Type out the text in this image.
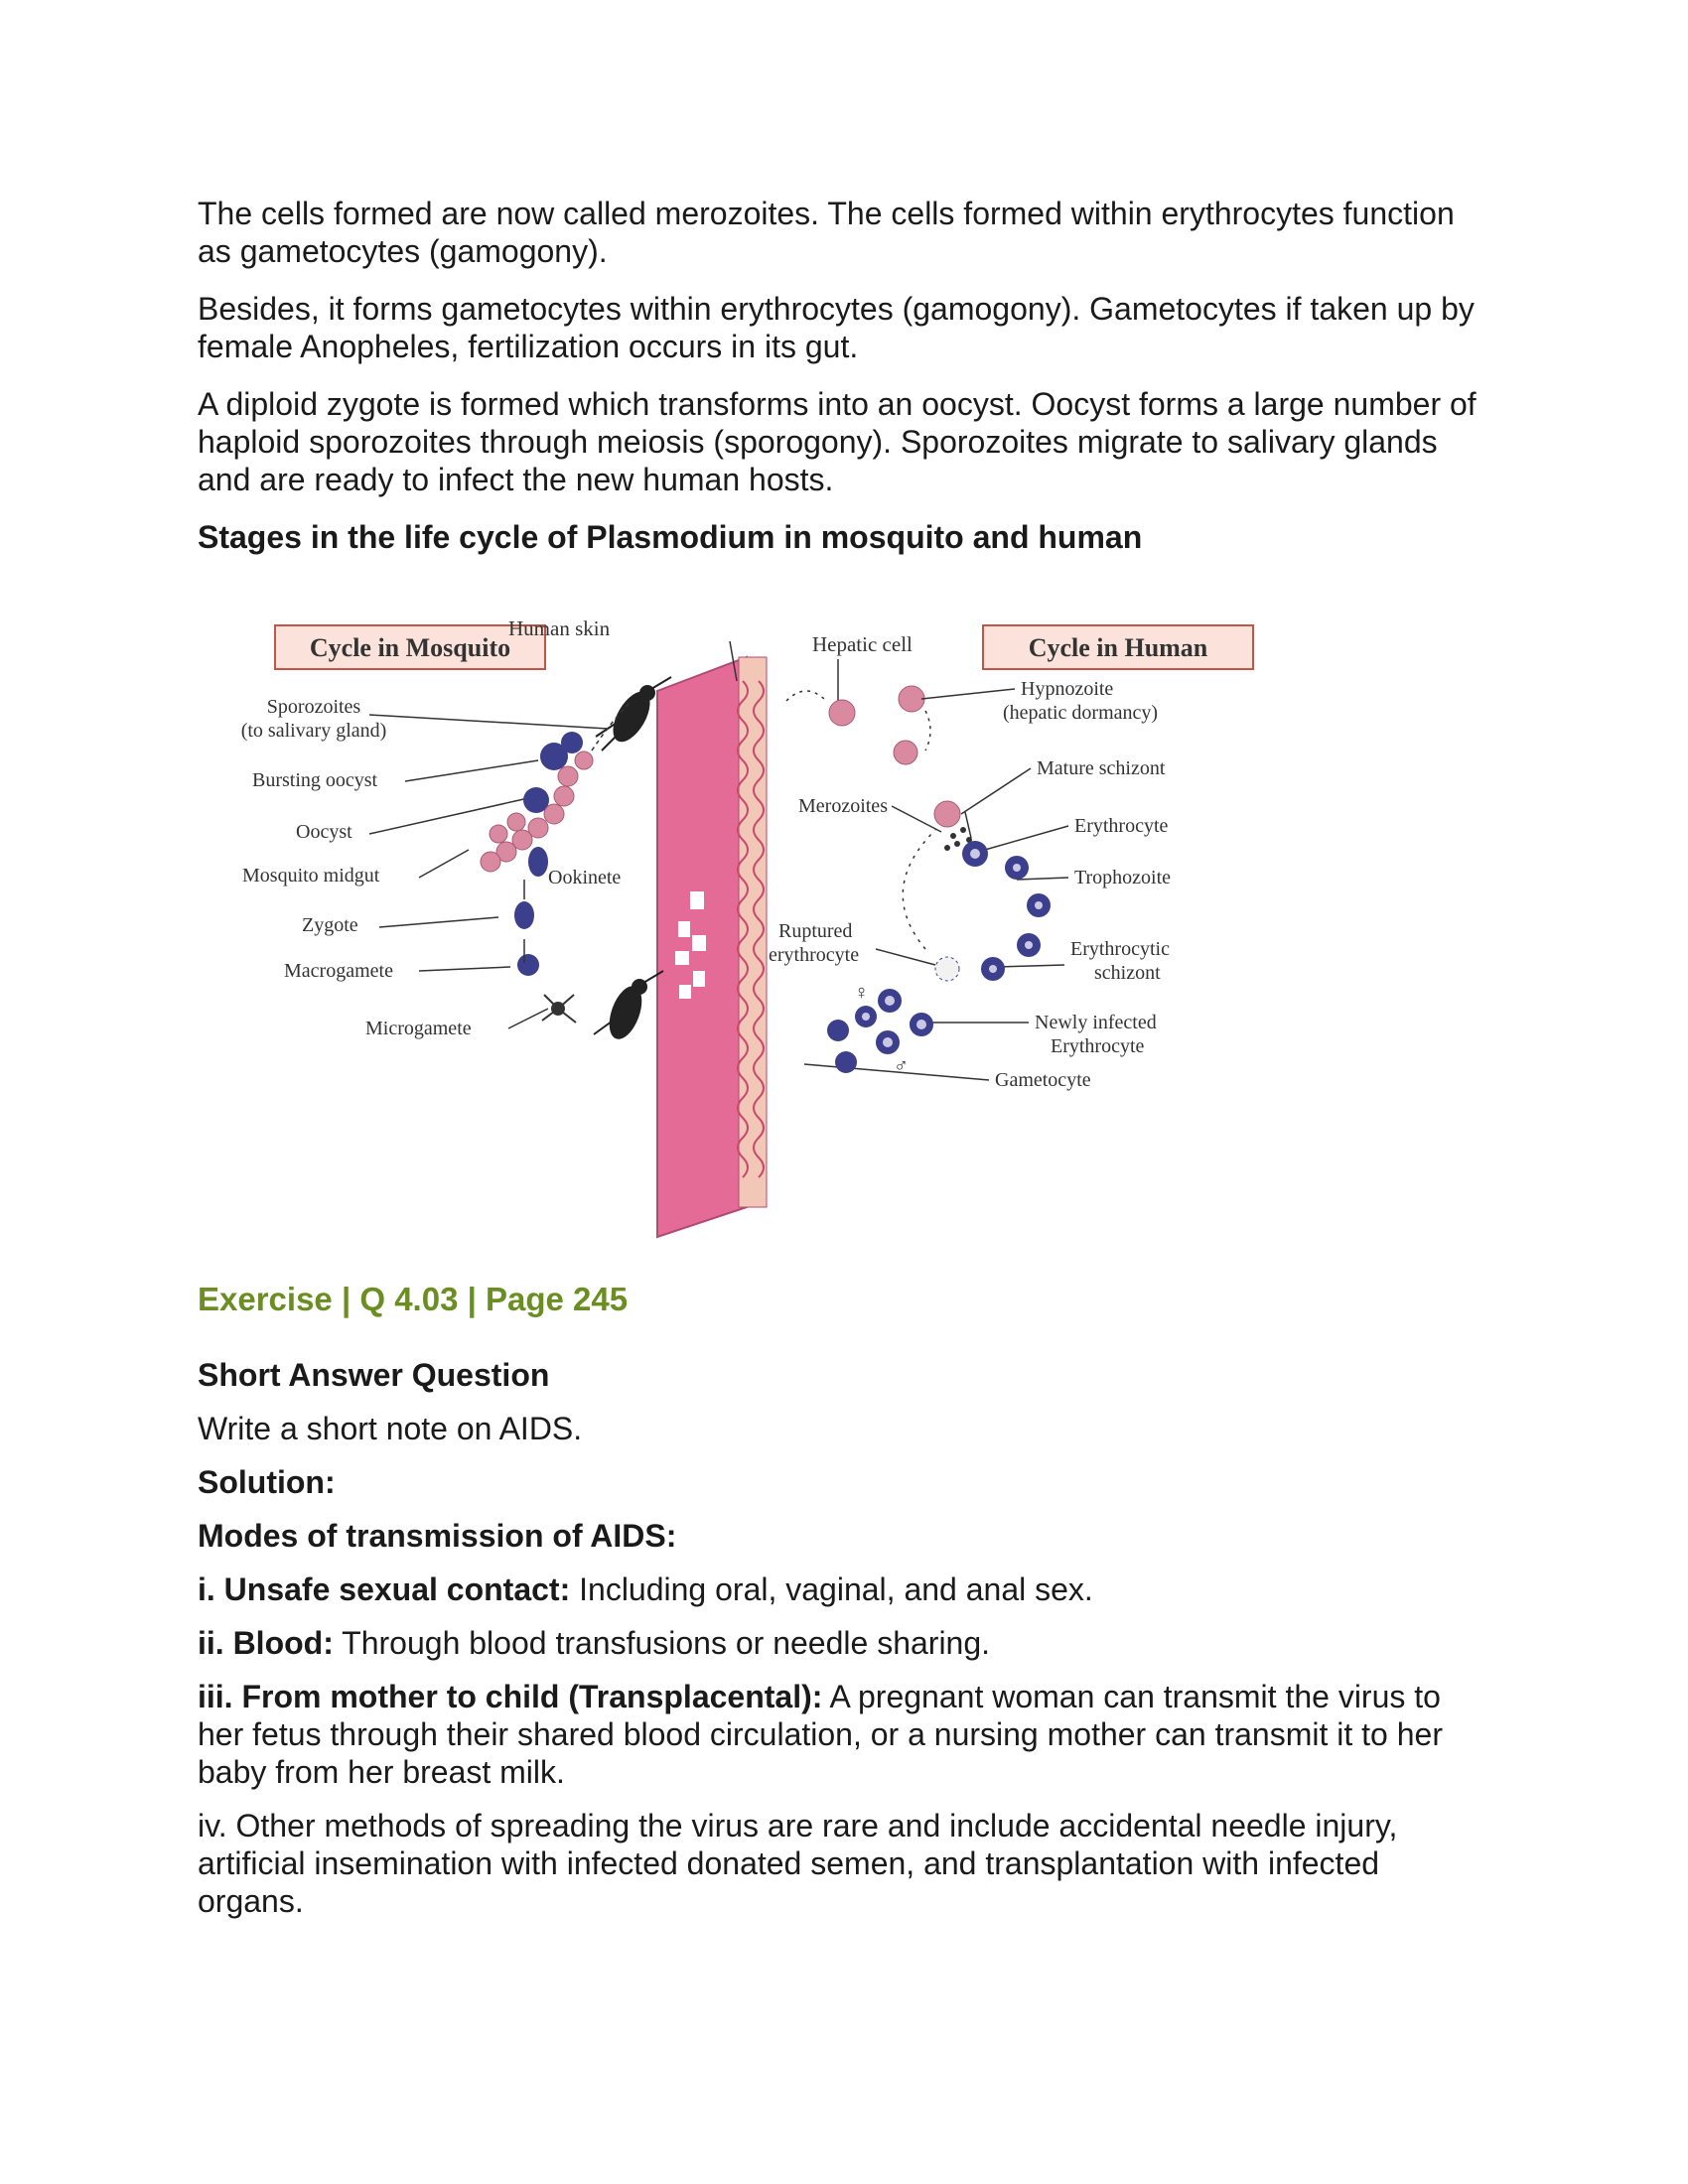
The cells formed are now called merozoites. The cells formed within erythrocytes function as gametocytes (gamogony).

Besides, it forms gametocytes within erythrocytes (gamogony). Gametocytes if taken up by female Anopheles, fertilization occurs in its gut.

A diploid zygote is formed which transforms into an oocyst. Oocyst forms a large number of haploid sporozoites through meiosis (sporogony). Sporozoites migrate to salivary glands and are ready to infect the new human hosts.

Stages in the life cycle of Plasmodium in mosquito and human

Cycle in Mosquito	Cycle in Human
Human skin
Hepatic cell
Sporozoites
(to salivary gland)
Bursting oocyst
Oocyst
Mosquito midgut	Ookinete
Zygote
Macrogamete
Microgamete
Hypnozoite
(hepatic dormancy)
Mature schizont
Merozoites
Erythrocyte
Trophozoite
Ruptured
erythrocyte	Erythrocytic
schizont
Newly infected
Erythrocyte
Gametocyte
♀
♂

Exercise | Q 4.03 | Page 245

Short Answer Question

Write a short note on AIDS.

Solution:

Modes of transmission of AIDS:

i. Unsafe sexual contact: Including oral, vaginal, and anal sex.

ii. Blood: Through blood transfusions or needle sharing.

iii. From mother to child (Transplacental): A pregnant woman can transmit the virus to her fetus through their shared blood circulation, or a nursing mother can transmit it to her baby from her breast milk.

iv. Other methods of spreading the virus are rare and include accidental needle injury, artificial insemination with infected donated semen, and transplantation with infected organs.
